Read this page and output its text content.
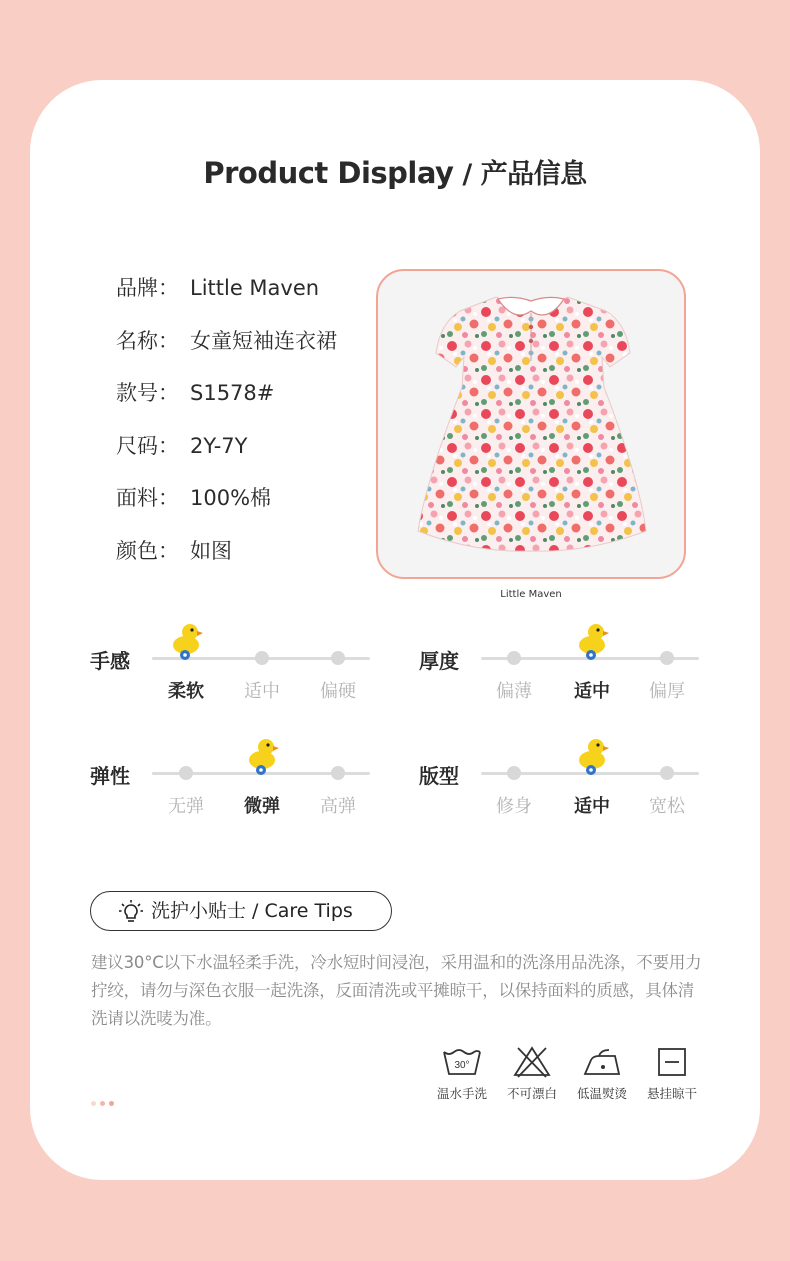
Product Display / 产品信息
品牌： Little Maven
名称： 女童短袖连衣裙
款号： S1578#
尺码： 2Y-7Y
面料： 100%棉
颜色： 如图
Little Maven
手感
柔软	适中	偏硬
厚度
偏薄	适中	偏厚
弹性
无弹	微弹	高弹
版型
修身	适中	宽松
洗护小贴士 / Care Tips
建议30°C以下水温轻柔手洗，冷水短时间浸泡，采用温和的洗涤用品洗涤，不要用力拧绞，请勿与深色衣服一起洗涤，反面清洗或平摊晾干，以保持面料的质感，具体清洗请以洗唛为准。
30°
温水手洗	不可漂白	低温熨烫	悬挂晾干
